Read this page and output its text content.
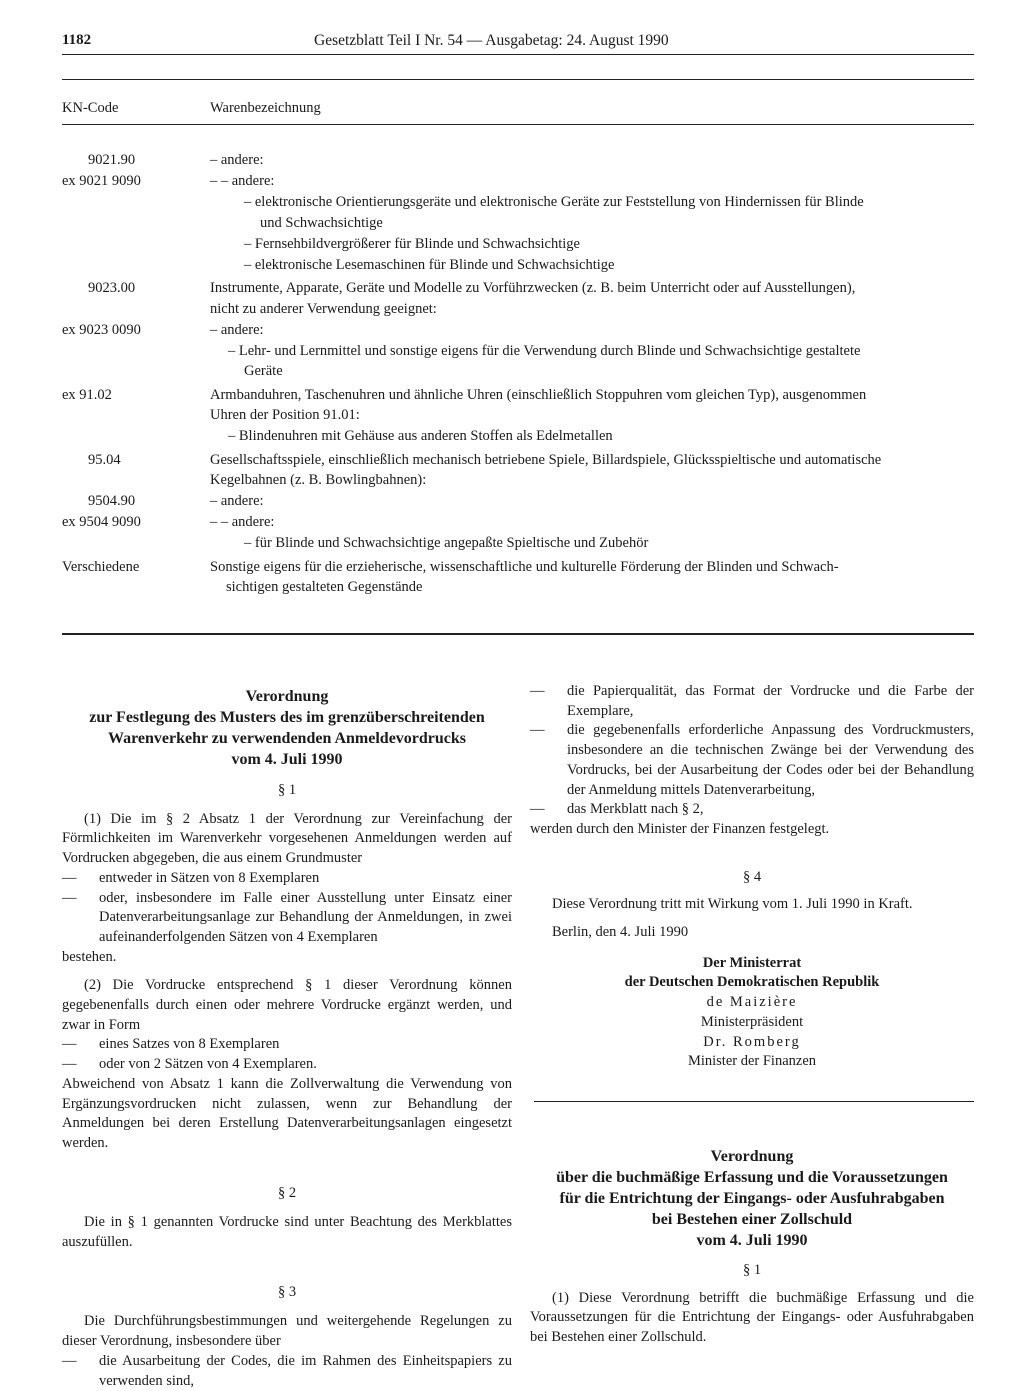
1182	Gesetzblatt Teil I Nr. 54 — Ausgabetag: 24. August 1990
KN-Code	Warenbezeichnung
9021.90	– andere:
ex 9021 9090	– – andere:
– elektronische Orientierungsgeräte und elektronische Geräte zur Feststellung von Hindernissen für Blinde
und Schwachsichtige
– Fernsehbildvergrößerer für Blinde und Schwachsichtige
– elektronische Lesemaschinen für Blinde und Schwachsichtige
9023.00	Instrumente, Apparate, Geräte und Modelle zu Vorführzwecken (z. B. beim Unterricht oder auf Ausstellungen),
nicht zu anderer Verwendung geeignet:
ex 9023 0090	– andere:
– Lehr- und Lernmittel und sonstige eigens für die Verwendung durch Blinde und Schwachsichtige gestaltete
Geräte
ex 91.02	Armbanduhren, Taschenuhren und ähnliche Uhren (einschließlich Stoppuhren vom gleichen Typ), ausgenommen
Uhren der Position 91.01:
– Blindenuhren mit Gehäuse aus anderen Stoffen als Edelmetallen
95.04	Gesellschaftsspiele, einschließlich mechanisch betriebene Spiele, Billardspiele, Glücksspieltische und automatische
Kegelbahnen (z. B. Bowlingbahnen):
9504.90	– andere:
ex 9504 9090	– – andere:
– für Blinde und Schwachsichtige angepaßte Spieltische und Zubehör
Verschiedene	Sonstige eigens für die erzieherische, wissenschaftliche und kulturelle Förderung der Blinden und Schwach-
sichtigen gestalteten Gegenstände
Verordnung
zur Festlegung des Musters des im grenzüberschreitenden
Warenverkehr zu verwendenden Anmeldevordrucks
vom 4. Juli 1990
§ 1

(1) Die im § 2 Absatz 1 der Verordnung zur Vereinfachung der Förmlichkeiten im Warenverkehr vorgesehenen Anmeldungen werden auf Vordrucken abgegeben, die aus einem Grundmuster

— entweder in Sätzen von 8 Exemplaren
— oder, insbesondere im Falle einer Ausstellung unter Einsatz einer Datenverarbeitungsanlage zur Behandlung der Anmeldungen, in zwei aufeinanderfolgenden Sätzen von 4 Exemplaren

bestehen.

(2) Die Vordrucke entsprechend § 1 dieser Verordnung können gegebenenfalls durch einen oder mehrere Vordrucke ergänzt werden, und zwar in Form

— eines Satzes von 8 Exemplaren
— oder von 2 Sätzen von 4 Exemplaren.

Abweichend von Absatz 1 kann die Zollverwaltung die Verwendung von Ergänzungsvordrucken nicht zulassen, wenn zur Behandlung der Anmeldungen bei deren Erstellung Datenverarbeitungsanlagen eingesetzt werden.

§ 2

Die in § 1 genannten Vordrucke sind unter Beachtung des Merkblattes auszufüllen.

§ 3

Die Durchführungsbestimmungen und weitergehende Regelungen zu dieser Verordnung, insbesondere über

— die Ausarbeitung der Codes, die im Rahmen des Einheitspapiers zu verwenden sind,
— die Papierqualität, das Format der Vordrucke und die Farbe der Exemplare,
— die gegebenenfalls erforderliche Anpassung des Vordruckmusters, insbesondere an die technischen Zwänge bei der Verwendung des Vordrucks, bei der Ausarbeitung der Codes oder bei der Behandlung der Anmeldung mittels Datenverarbeitung,
— das Merkblatt nach § 2,

werden durch den Minister der Finanzen festgelegt.

§ 4

Diese Verordnung tritt mit Wirkung vom 1. Juli 1990 in Kraft.

Berlin, den 4. Juli 1990

Der Ministerrat
der Deutschen Demokratischen Republik
de Maizière
Ministerpräsident
Dr. Romberg
Minister der Finanzen
Verordnung
über die buchmäßige Erfassung und die Voraussetzungen
für die Entrichtung der Eingangs- oder Ausfuhrabgaben
bei Bestehen einer Zollschuld
vom 4. Juli 1990
§ 1

(1) Diese Verordnung betrifft die buchmäßige Erfassung und die Voraussetzungen für die Entrichtung der Eingangs- oder Ausfuhrabgaben bei Bestehen einer Zollschuld.
